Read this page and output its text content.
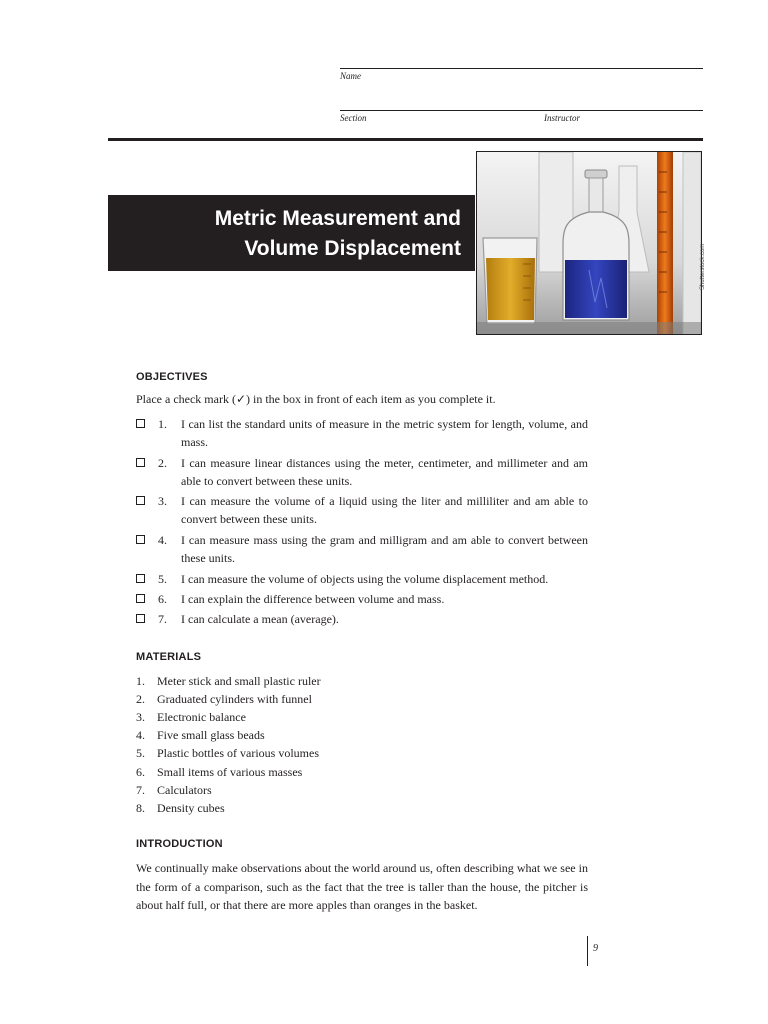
Name
Section	Instructor
Metric Measurement and
Volume Displacement	Shutterstock.com
OBJECTIVES
Place a check mark (✓) in the box in front of each item as you complete it.
1. I can list the standard units of measure in the metric system for length, volume, and mass.
2. I can measure linear distances using the meter, centimeter, and millimeter and am able to convert between these units.
3. I can measure the volume of a liquid using the liter and milliliter and am able to convert between these units.
4. I can measure mass using the gram and milligram and am able to convert between these units.
5. I can measure the volume of objects using the volume displacement method.
6. I can explain the difference between volume and mass.
7. I can calculate a mean (average).
MATERIALS
1. Meter stick and small plastic ruler
2. Graduated cylinders with funnel
3. Electronic balance
4. Five small glass beads
5. Plastic bottles of various volumes
6. Small items of various masses
7. Calculators
8. Density cubes
INTRODUCTION
We continually make observations about the world around us, often describing what we see in the form of a comparison, such as the fact that the tree is taller than the house, the pitcher is about half full, or that there are more apples than oranges in the basket.
9
